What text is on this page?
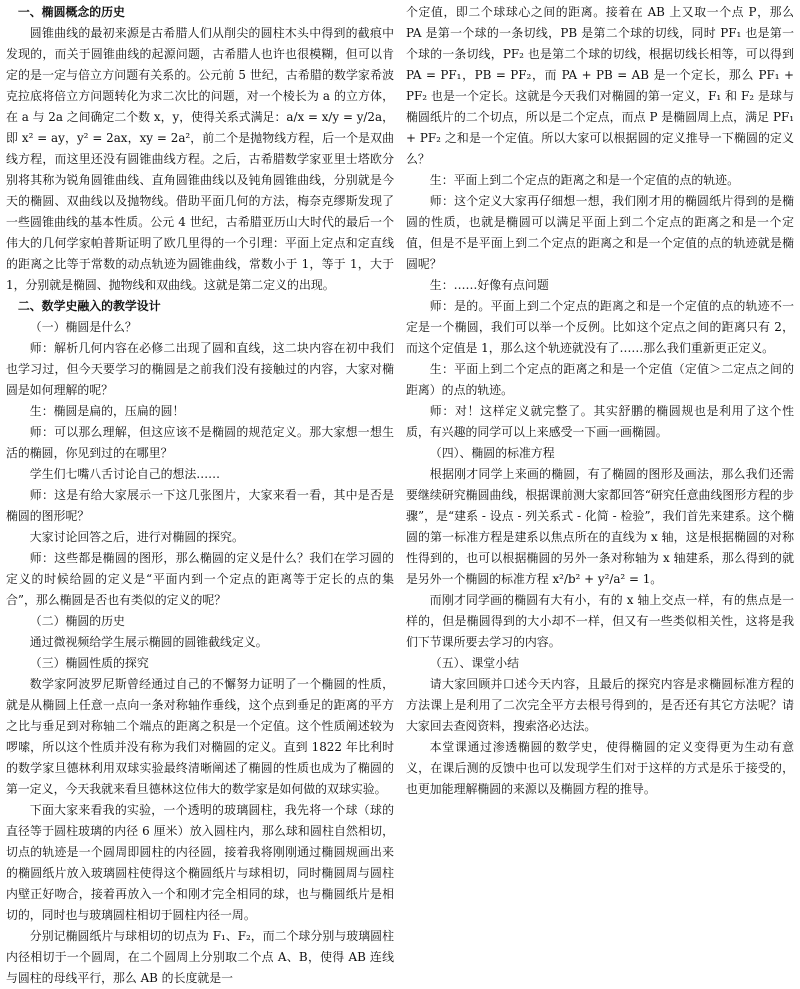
一、椭圆概念的历史

圆锥曲线的最初来源是古希腊人们从削尖的圆柱木头中得到的截痕中发现的，而关于圆锥曲线的起源问题，古希腊人也许也很模糊，但可以肯定的是一定与倍立方问题有关系的。公元前 5 世纪，古希腊的数学家希波克拉底将倍立方问题转化为求二次比的问题，对一个棱长为 a 的立方体，在 a 与 2a 之间确定二个数 x，y，使得关系式满足：a/x = x/y = y/2a，即 x² = ay，y² = 2ax，xy = 2a²，前二个是抛物线方程，后一个是双曲线方程，而这里还没有圆锥曲线方程。之后，古希腊数学家亚里士塔欧分别将其称为锐角圆锥曲线、直角圆锥曲线以及钝角圆锥曲线，分别就是今天的椭圆、双曲线以及抛物线。借助平面几何的方法，梅奈克缪斯发现了一些圆锥曲线的基本性质。公元 4 世纪，古希腊亚历山大时代的最后一个伟大的几何学家帕普斯证明了欧几里得的一个引理：平面上定点和定直线的距离之比等于常数的动点轨迹为圆锥曲线，常数小于 1，等于 1，大于 1，分别就是椭圆、抛物线和双曲线。这就是第二定义的出现。

二、数学史融入的教学设计

（一）椭圆是什么？

师：解析几何内容在必修二出现了圆和直线，这二块内容在初中我们也学习过，但今天要学习的椭圆是之前我们没有接触过的内容，大家对椭圆是如何理解的呢？

生：椭圆是扁的，压扁的圆！

师：可以那么理解，但这应该不是椭圆的规范定义。那大家想一想生活的椭圆，你见到过的在哪里？

学生们七嘴八舌讨论自己的想法……

师：这是有给大家展示一下这几张图片，大家来看一看，其中是否是椭圆的图形呢？

大家讨论回答之后，进行对椭圆的探究。

师：这些都是椭圆的图形，那么椭圆的定义是什么？我们在学习圆的定义的时候给圆的定义是“平面内到一个定点的距离等于定长的点的集合”，那么椭圆是否也有类似的定义的呢？

（二）椭圆的历史

通过微视频给学生展示椭圆的圆锥截线定义。

（三）椭圆性质的探究

数学家阿波罗尼斯曾经通过自己的不懈努力证明了一个椭圆的性质，就是从椭圆上任意一点向一条对称轴作垂线，这个点到垂足的距离的平方之比与垂足到对称轴二个端点的距离之积是一个定值。这个性质阐述较为啰嗦，所以这个性质并没有称为我们对椭圆的定义。直到 1822 年比利时的数学家旦德林利用双球实验最终清晰阐述了椭圆的性质也成为了椭圆的第一定义，今天我就来看旦德林这位伟大的数学家是如何做的双球实验。

下面大家来看我的实验，一个透明的玻璃圆柱，我先将一个球（球的直径等于圆柱玻璃的内径 6 厘米）放入圆柱内，那么球和圆柱自然相切，切点的轨迹是一个圆周即圆柱的内径圆，接着我将刚刚通过椭圆规画出来的椭圆纸片放入玻璃圆柱使得这个椭圆纸片与球相切，同时椭圆周与圆柱内壁正好吻合，接着再放入一个和刚才完全相同的球，也与椭圆纸片是相切的，同时也与玻璃圆柱相切于圆柱内径一周。

分别记椭圆纸片与球相切的切点为 F₁、F₂，而二个球分别与玻璃圆柱内径相切于一个圆周，在二个圆周上分别取二个点 A、B，使得 AB 连线与圆柱的母线平行，那么 AB 的长度就是一

个定值，即二个球球心之间的距离。接着在 AB 上又取一个点 P，那么 PA 是第一个球的一条切线，PB 是第二个球的切线，同时 PF₁ 也是第一个球的一条切线，PF₂ 也是第二个球的切线，根据切线长相等，可以得到 PA = PF₁，PB = PF₂，而 PA + PB = AB 是一个定长，那么 PF₁ + PF₂ 也是一个定长。这就是今天我们对椭圆的第一定义，F₁ 和 F₂ 是球与椭圆纸片的二个切点，所以是二个定点，而点 P 是椭圆周上点，满足 PF₁ + PF₂ 之和是一个定值。所以大家可以根据圆的定义推导一下椭圆的定义么？

生：平面上到二个定点的距离之和是一个定值的点的轨迹。

师：这个定义大家再仔细想一想，我们刚才用的椭圆纸片得到的是椭圆的性质，也就是椭圆可以满足平面上到二个定点的距离之和是一个定值，但是不是平面上到二个定点的距离之和是一个定值的点的轨迹就是椭圆呢？

生：……好像有点问题

师：是的。平面上到二个定点的距离之和是一个定值的点的轨迹不一定是一个椭圆，我们可以举一个反例。比如这个定点之间的距离只有 2，而这个定值是 1，那么这个轨迹就没有了……那么我们重新更正定义。

生：平面上到二个定点的距离之和是一个定值（定值＞二定点之间的距离）的点的轨迹。

师：对！这样定义就完整了。其实舒鹏的椭圆规也是利用了这个性质，有兴趣的同学可以上来感受一下画一画椭圆。

（四）、椭圆的标准方程

根据刚才同学上来画的椭圆，有了椭圆的图形及画法，那么我们还需要继续研究椭圆曲线，根据课前测大家都回答“研究任意曲线图形方程的步骤”，是“建系 - 设点 - 列关系式 - 化简 - 检验”，我们首先来建系。这个椭圆的第一标准方程是建系以焦点所在的直线为 x 轴，这是根据椭圆的对称性得到的，也可以根据椭圆的另外一条对称轴为 x 轴建系，那么得到的就是另外一个椭圆的标准方程 x²/b² + y²/a² = 1。

而刚才同学画的椭圆有大有小，有的 x 轴上交点一样，有的焦点是一样的，但是椭圆得到的大小却不一样，但又有一些类似相关性，这将是我们下节课所要去学习的内容。

（五）、课堂小结

请大家回顾并口述今天内容，且最后的探究内容是求椭圆标准方程的方法课上是利用了二次完全平方去根号得到的，是否还有其它方法呢？请大家回去查阅资料，搜索洛必达法。

本堂课通过渗透椭圆的数学史，使得椭圆的定义变得更为生动有意义，在课后测的反馈中也可以发现学生们对于这样的方式是乐于接受的，也更加能理解椭圆的来源以及椭圆方程的推导。
